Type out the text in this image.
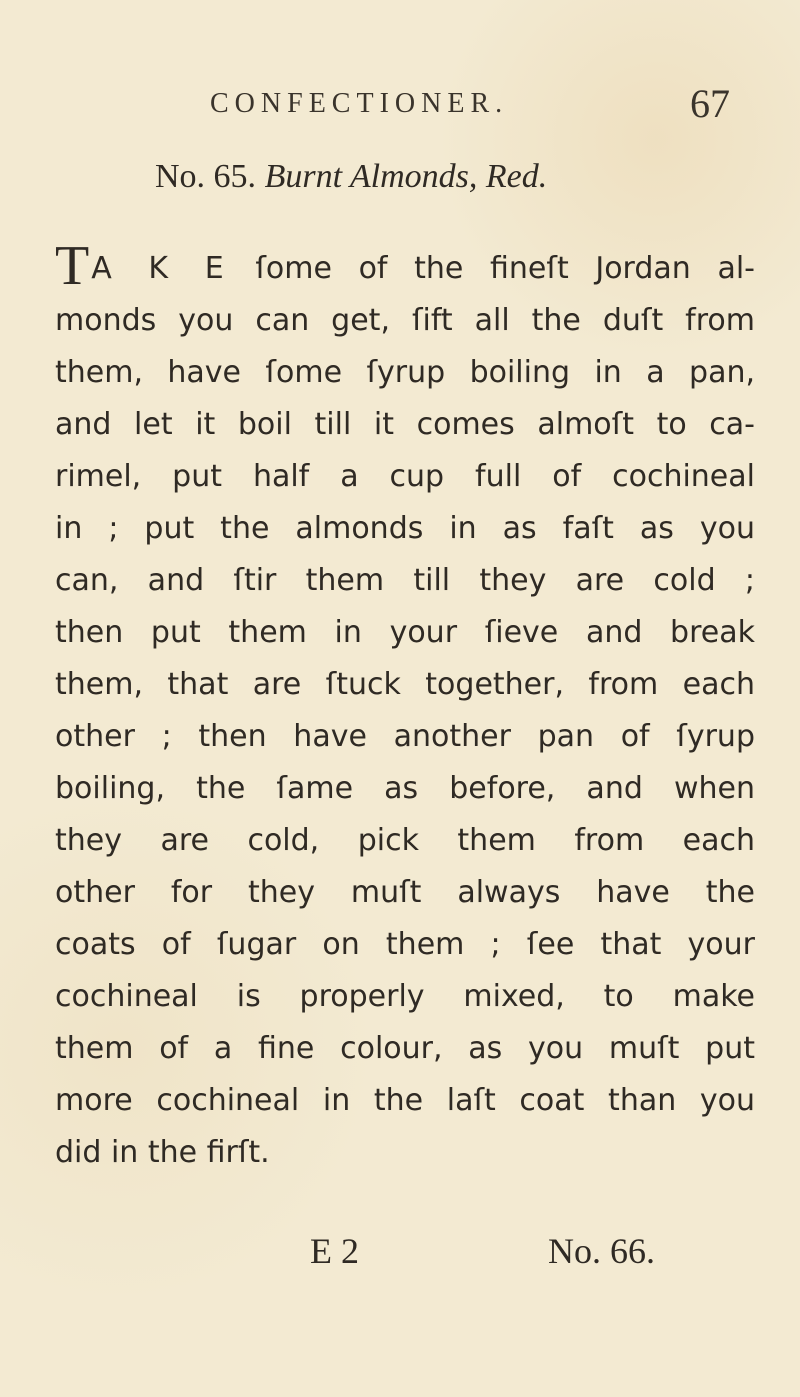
CONFECTIONER.	67
No. 65. Burnt Almonds, Red.
TA K E ſome of the fineſt Jordan al-
monds you can get, ſift all the duſt from
them, have ſome ſyrup boiling in a pan,
and let it boil till it comes almoſt to ca-
rimel, put half a cup full of cochineal
in ; put the almonds in as faſt as you
can, and ſtir them till they are cold ;
then put them in your ſieve and break
them, that are ſtuck together, from each
other ; then have another pan of ſyrup
boiling, the ſame as before, and when
they are cold, pick them from each
other for they muſt always have the
coats of ſugar on them ; ſee that your
cochineal is properly mixed, to make
them of a fine colour, as you muſt put
more cochineal in the laſt coat than you
did in the firſt.
E 2	No. 66.
